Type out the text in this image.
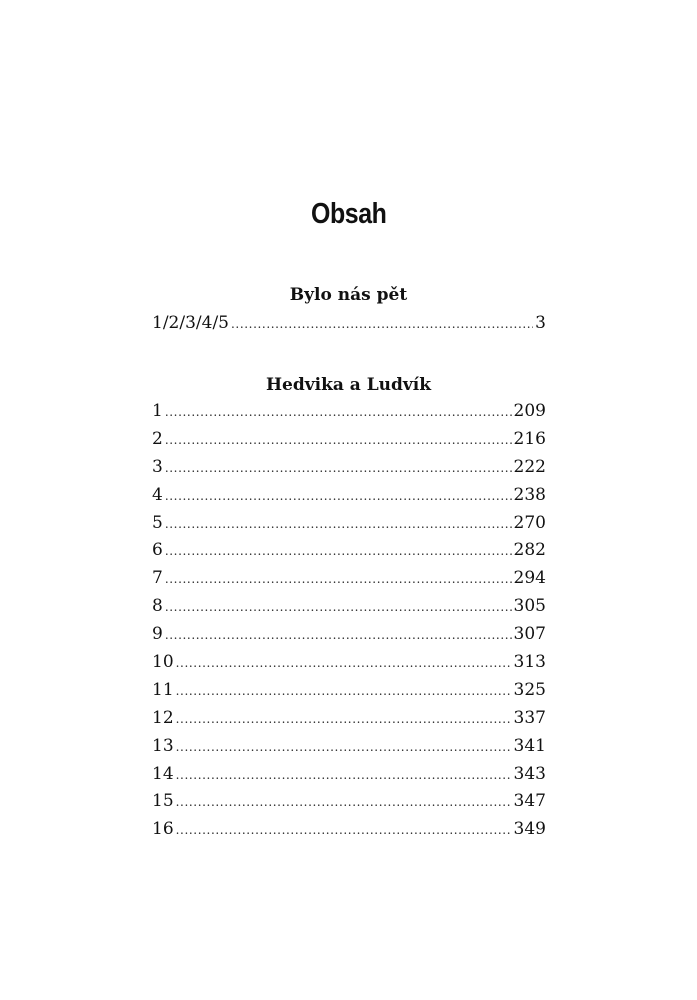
Obsah
Bylo nás pět
1/2/3/4/5 .....	3
Hedvika a Ludvík
1 .....	209
2 .....	216
3 .....	222
4 .....	238
5 .....	270
6 .....	282
7 .....	294
8 .....	305
9 .....	307
10 .....	313
11 .....	325
12 .....	337
13 .....	341
14 .....	343
15 .....	347
16 .....	349
